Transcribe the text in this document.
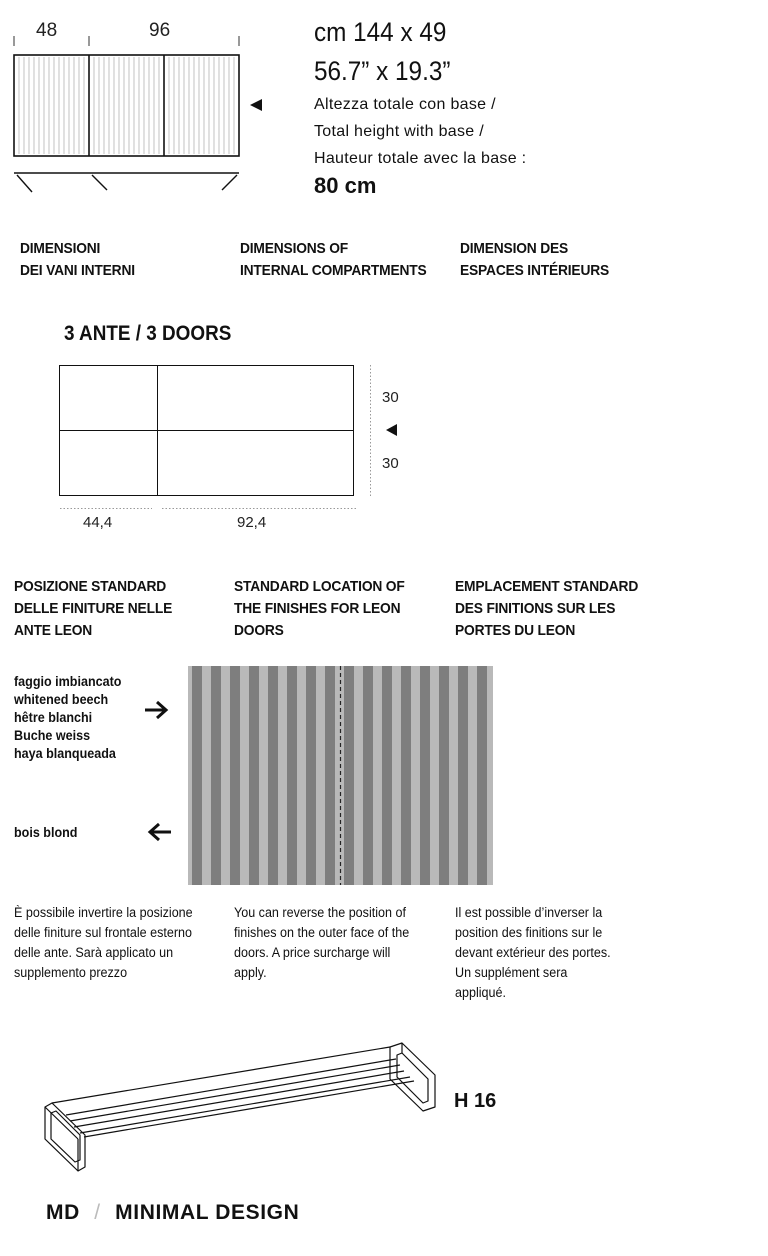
48	96	cm 144 x 49
56.7” x 19.3”
Altezza totale con base /
Total height with base /
Hauteur totale avec la base :
80 cm
DIMENSIONI
DEI VANI INTERNI
DIMENSIONS OF
INTERNAL COMPARTMENTS
DIMENSION DES
ESPACES INTÉRIEURS
3 ANTE / 3 DOORS
30
30
44,4	92,4
POSIZIONE STANDARD
DELLE FINITURE NELLE
ANTE LEON
STANDARD LOCATION OF
THE FINISHES FOR LEON
DOORS
EMPLACEMENT STANDARD
DES FINITIONS SUR LES
PORTES DU LEON
faggio imbiancato
whitened beech
hêtre blanchi
Buche weiss
haya blanqueada
bois blond
È possibile invertire la posizione
delle finiture sul frontale esterno
delle ante. Sarà applicato un
supplemento prezzo
You can reverse the position of
finishes on the outer face of the
doors. A price surcharge will
apply.
Il est possible d’inverser la
position des finitions sur le
devant extérieur des portes.
Un supplément sera
appliqué.
H 16
MD / MINIMAL DESIGN
